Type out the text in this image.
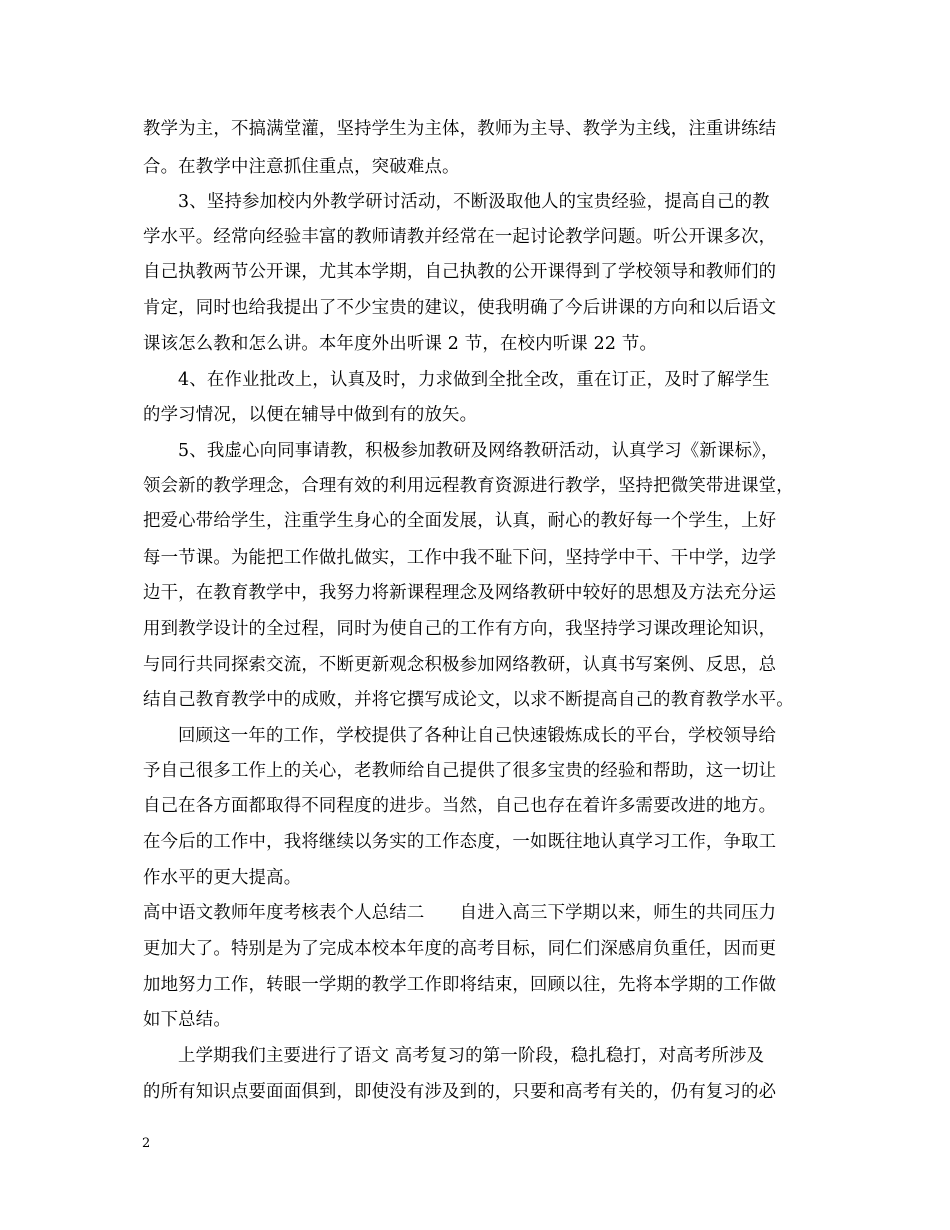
教学为主，不搞满堂灌，坚持学生为主体，教师为主导、教学为主线，注重讲练结
合。在教学中注意抓住重点，突破难点。
3、坚持参加校内外教学研讨活动，不断汲取他人的宝贵经验，提高自己的教
学水平。经常向经验丰富的教师请教并经常在一起讨论教学问题。听公开课多次，
自己执教两节公开课，尤其本学期，自己执教的公开课得到了学校领导和教师们的
肯定，同时也给我提出了不少宝贵的建议，使我明确了今后讲课的方向和以后语文
课该怎么教和怎么讲。本年度外出听课 2 节，在校内听课 22 节。
4、在作业批改上，认真及时，力求做到全批全改，重在订正，及时了解学生
的学习情况，以便在辅导中做到有的放矢。
5、我虚心向同事请教，积极参加教研及网络教研活动，认真学习《新课标》，
领会新的教学理念，合理有效的利用远程教育资源进行教学，坚持把微笑带进课堂，
把爱心带给学生，注重学生身心的全面发展，认真，耐心的教好每一个学生，上好
每一节课。为能把工作做扎做实，工作中我不耻下问，坚持学中干、干中学，边学
边干，在教育教学中，我努力将新课程理念及网络教研中较好的思想及方法充分运
用到教学设计的全过程，同时为使自己的工作有方向，我坚持学习课改理论知识，
与同行共同探索交流，不断更新观念积极参加网络教研，认真书写案例、反思，总
结自己教育教学中的成败，并将它撰写成论文，以求不断提高自己的教育教学水平。
回顾这一年的工作，学校提供了各种让自己快速锻炼成长的平台，学校领导给
予自己很多工作上的关心，老教师给自己提供了很多宝贵的经验和帮助，这一切让
自己在各方面都取得不同程度的进步。当然，自己也存在着许多需要改进的地方。
在今后的工作中，我将继续以务实的工作态度，一如既往地认真学习工作，争取工
作水平的更大提高。
高中语文教师年度考核表个人总结二　　自进入高三下学期以来，师生的共同压力
更加大了。特别是为了完成本校本年度的高考目标，同仁们深感肩负重任，因而更
加地努力工作，转眼一学期的教学工作即将结束，回顾以往，先将本学期的工作做
如下总结。
上学期我们主要进行了语文 高考复习的第一阶段，稳扎稳打，对高考所涉及
的所有知识点要面面俱到，即使没有涉及到的，只要和高考有关的，仍有复习的必
2
